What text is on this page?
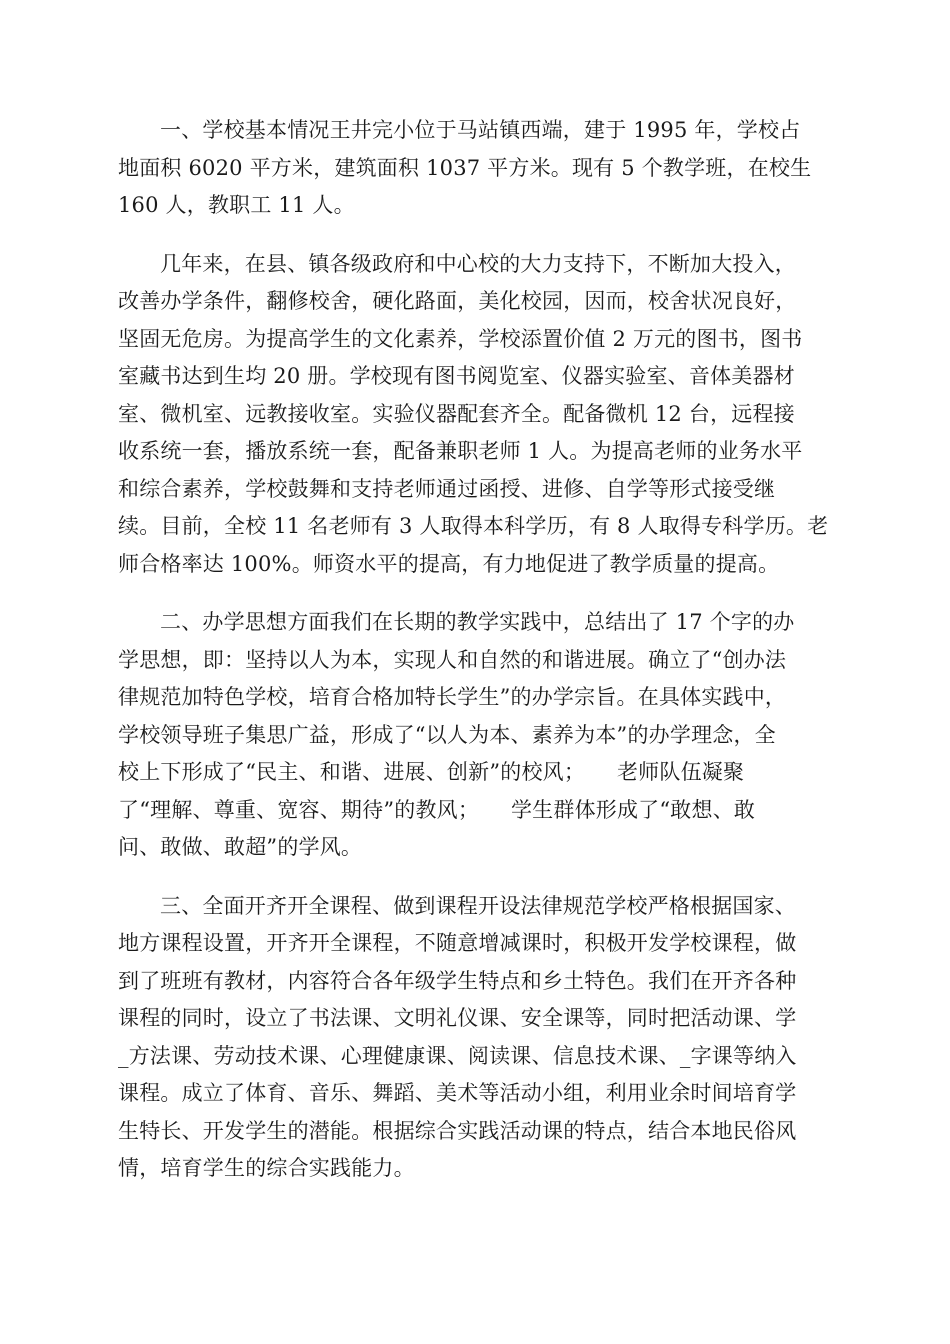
一、学校基本情况王井完小位于马站镇西端，建于 1995 年，学校占
地面积 6020 平方米，建筑面积 1037 平方米。现有 5 个教学班，在校生
160 人，教职工 11 人。

几年来，在县、镇各级政府和中心校的大力支持下，不断加大投入，
改善办学条件，翻修校舍，硬化路面，美化校园，因而，校舍状况良好，
坚固无危房。为提高学生的文化素养，学校添置价值 2 万元的图书，图书
室藏书达到生均 20 册。学校现有图书阅览室、仪器实验室、音体美器材
室、微机室、远教接收室。实验仪器配套齐全。配备微机 12 台，远程接
收系统一套，播放系统一套，配备兼职老师 1 人。为提高老师的业务水平
和综合素养，学校鼓舞和支持老师通过函授、进修、自学等形式接受继
续。目前，全校 11 名老师有 3 人取得本科学历，有 8 人取得专科学历。老
师合格率达 100%。师资水平的提高，有力地促进了教学质量的提高。

二、办学思想方面我们在长期的教学实践中，总结出了 17 个字的办
学思想，即：坚持以人为本，实现人和自然的和谐进展。确立了“创办法
律规范加特色学校，培育合格加特长学生”的办学宗旨。在具体实践中，
学校领导班子集思广益，形成了“以人为本、素养为本”的办学理念，全
校上下形成了“民主、和谐、进展、创新”的校风；　　老师队伍凝聚
了“理解、尊重、宽容、期待”的教风；　　学生群体形成了“敢想、敢
问、敢做、敢超”的学风。

三、全面开齐开全课程、做到课程开设法律规范学校严格根据国家、
地方课程设置，开齐开全课程，不随意增减课时，积极开发学校课程，做
到了班班有教材，内容符合各年级学生特点和乡土特色。我们在开齐各种
课程的同时，设立了书法课、文明礼仪课、安全课等，同时把活动课、学
_方法课、劳动技术课、心理健康课、阅读课、信息技术课、_字课等纳入
课程。成立了体育、音乐、舞蹈、美术等活动小组，利用业余时间培育学
生特长、开发学生的潜能。根据综合实践活动课的特点，结合本地民俗风
情，培育学生的综合实践能力。
